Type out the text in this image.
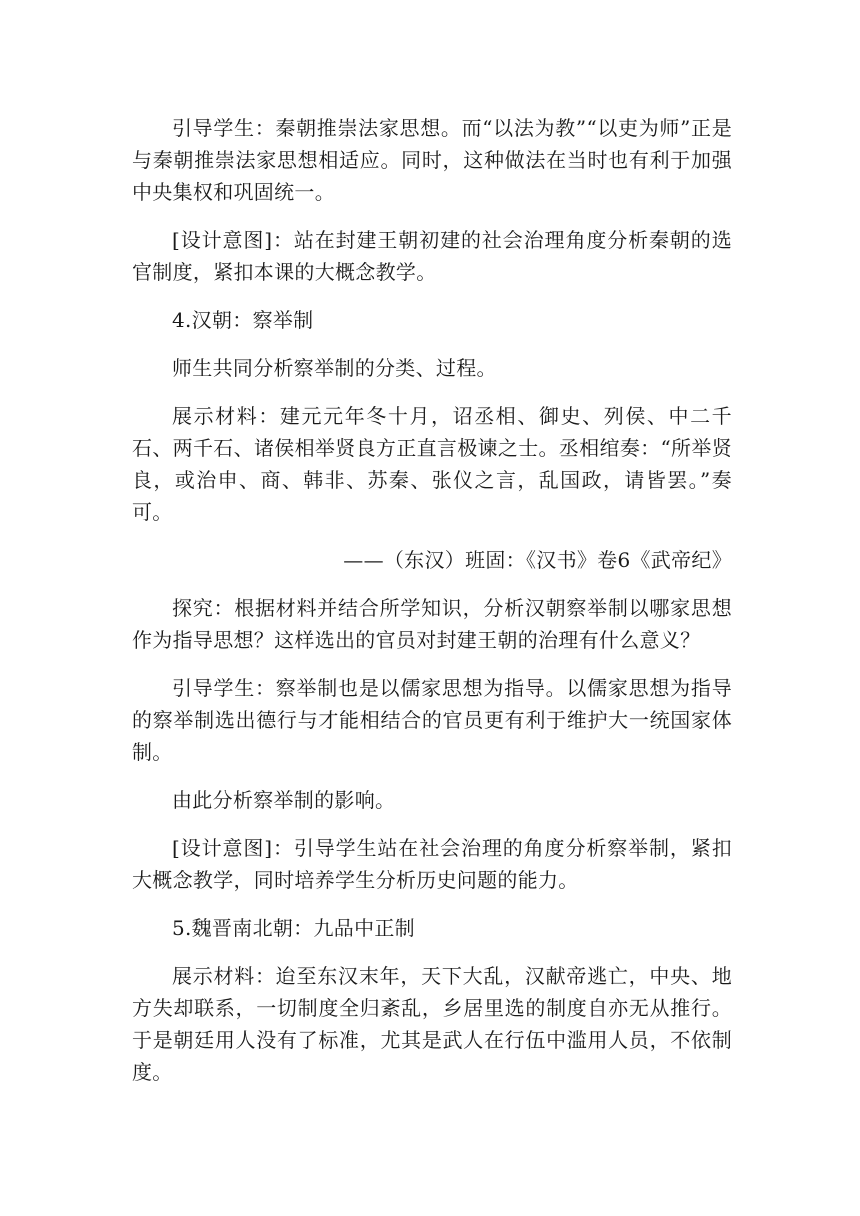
引导学生：秦朝推崇法家思想。而“以法为教”“以吏为师”正是与秦朝推崇法家思想相适应。同时，这种做法在当时也有利于加强中央集权和巩固统一。

[设计意图]：站在封建王朝初建的社会治理角度分析秦朝的选官制度，紧扣本课的大概念教学。

4.汉朝：察举制

师生共同分析察举制的分类、过程。

展示材料：建元元年冬十月，诏丞相、御史、列侯、中二千石、两千石、诸侯相举贤良方正直言极谏之士。丞相绾奏：“所举贤良，或治申、商、韩非、苏秦、张仪之言，乱国政，请皆罢。”奏可。

——（东汉）班固：《汉书》卷6《武帝纪》

探究：根据材料并结合所学知识，分析汉朝察举制以哪家思想作为指导思想？这样选出的官员对封建王朝的治理有什么意义？

引导学生：察举制也是以儒家思想为指导。以儒家思想为指导的察举制选出德行与才能相结合的官员更有利于维护大一统国家体制。

由此分析察举制的影响。

[设计意图]：引导学生站在社会治理的角度分析察举制，紧扣大概念教学，同时培养学生分析历史问题的能力。

5.魏晋南北朝：九品中正制

展示材料：迨至东汉末年，天下大乱，汉献帝逃亡，中央、地方失却联系，一切制度全归紊乱，乡居里选的制度自亦无从推行。于是朝廷用人没有了标准，尤其是武人在行伍中滥用人员，不依制度。
